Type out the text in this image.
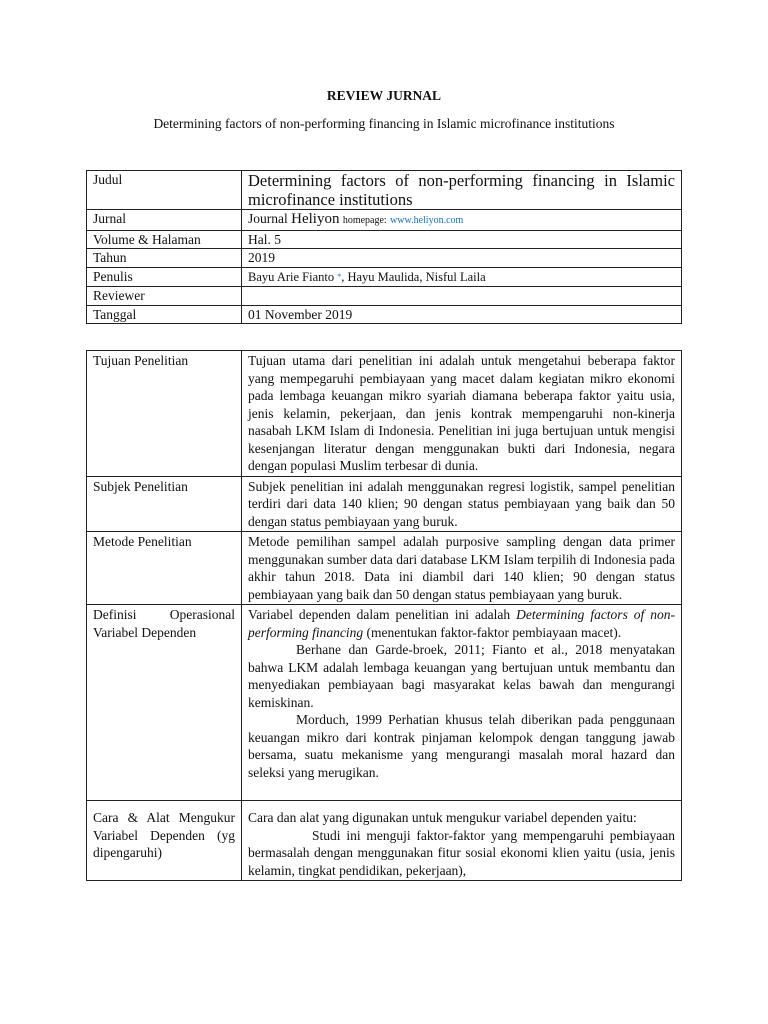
REVIEW JURNAL
Determining factors of non-performing financing in Islamic microfinance institutions
Judul	Determining factors of non-performing financing in Islamic microfinance institutions
Jurnal	Journal Heliyon homepage: www.heliyon.com
Volume & Halaman	Hal. 5
Tahun	2019
Penulis	Bayu Arie Fianto *, Hayu Maulida, Nisful Laila
Reviewer	
Tanggal	01 November 2019
Tujuan Penelitian	Tujuan utama dari penelitian ini adalah untuk mengetahui beberapa faktor yang mempegaruhi pembiayaan yang macet dalam kegiatan mikro ekonomi pada lembaga keuangan mikro syariah diamana beberapa faktor yaitu usia, jenis kelamin, pekerjaan, dan jenis kontrak mempengaruhi non-kinerja nasabah LKM Islam di Indonesia. Penelitian ini juga bertujuan untuk mengisi kesenjangan literatur dengan menggunakan bukti dari Indonesia, negara dengan populasi Muslim terbesar di dunia.
Subjek Penelitian	Subjek penelitian ini adalah menggunakan regresi logistik, sampel penelitian terdiri dari data 140 klien; 90 dengan status pembiayaan yang baik dan 50 dengan status pembiayaan yang buruk.
Metode Penelitian	Metode pemilihan sampel adalah purposive sampling dengan data primer menggunakan sumber data dari database LKM Islam terpilih di Indonesia pada akhir tahun 2018. Data ini diambil dari 140 klien; 90 dengan status pembiayaan yang baik dan 50 dengan status pembiayaan yang buruk.
Definisi Operasional Variabel Dependen	Variabel dependen dalam penelitian ini adalah Determining factors of non-performing financing (menentukan faktor-faktor pembiayaan macet).
Berhane dan Garde-broek, 2011; Fianto et al., 2018 menyatakan bahwa LKM adalah lembaga keuangan yang bertujuan untuk membantu dan menyediakan pembiayaan bagi masyarakat kelas bawah dan mengurangi kemiskinan.
Morduch, 1999 Perhatian khusus telah diberikan pada penggunaan keuangan mikro dari kontrak pinjaman kelompok dengan tanggung jawab bersama, suatu mekanisme yang mengurangi masalah moral hazard dan seleksi yang merugikan.

Cara & Alat Mengukur Variabel Dependen (yg dipengaruhi)	Cara dan alat yang digunakan untuk mengukur variabel dependen yaitu:
Studi ini menguji faktor-faktor yang mempengaruhi pembiayaan bermasalah dengan menggunakan fitur sosial ekonomi klien yaitu (usia, jenis kelamin, tingkat pendidikan, pekerjaan),
